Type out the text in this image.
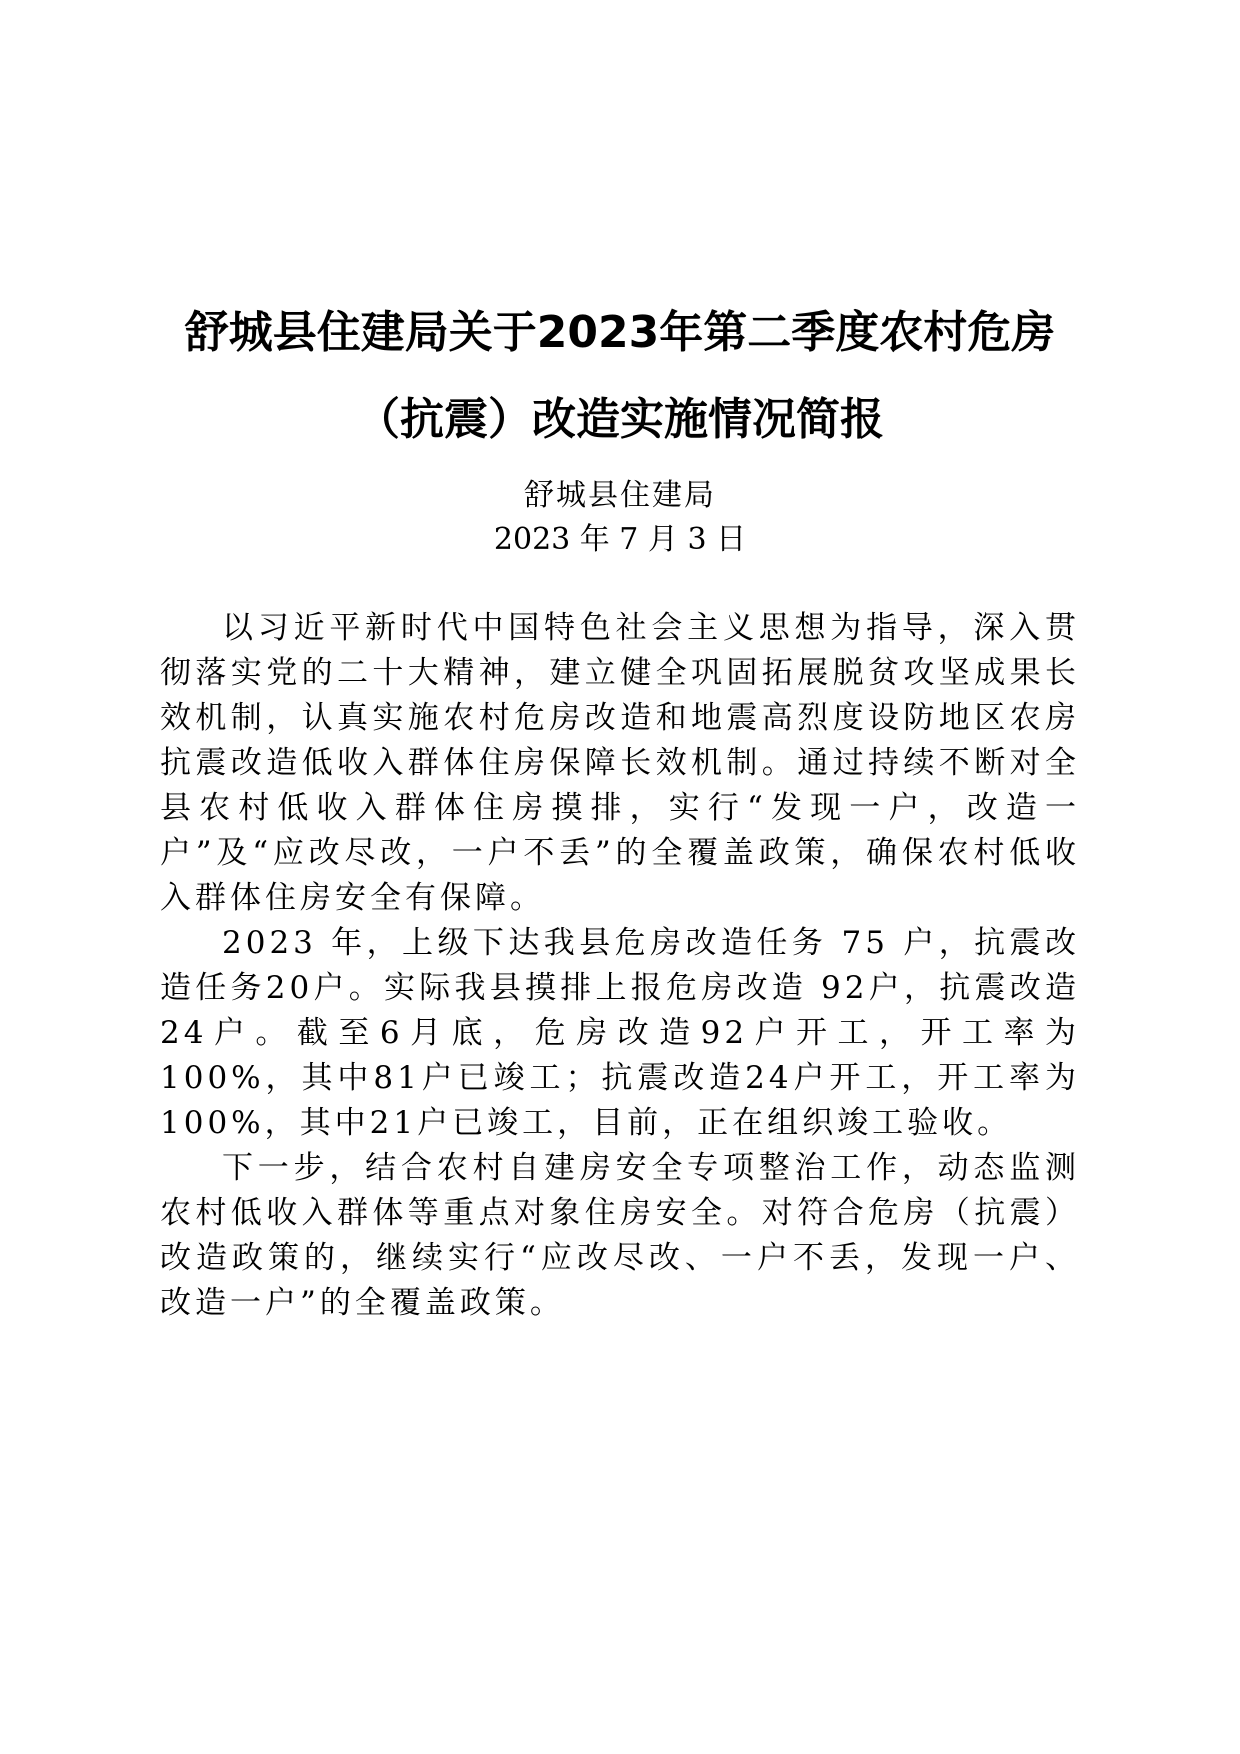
舒城县住建局关于2023年第二季度农村危房
（抗震）改造实施情况简报
舒城县住建局
2023 年 7 月 3 日

以习近平新时代中国特色社会主义思想为指导，深入贯彻落实党的二十大精神，建立健全巩固拓展脱贫攻坚成果长效机制，认真实施农村危房改造和地震高烈度设防地区农房抗震改造低收入群体住房保障长效机制。通过持续不断对全县农村低收入群体住房摸排，实行“发现一户，改造一户”及“应改尽改，一户不丢”的全覆盖政策，确保农村低收入群体住房安全有保障。

2023 年，上级下达我县危房改造任务 75 户，抗震改造任务20户。实际我县摸排上报危房改造 92户，抗震改造24户。截至6月底，危房改造92户开工，开工率为100%，其中81户已竣工；抗震改造24户开工，开工率为100%，其中21户已竣工，目前，正在组织竣工验收。

下一步，结合农村自建房安全专项整治工作，动态监测农村低收入群体等重点对象住房安全。对符合危房（抗震）改造政策的，继续实行“应改尽改、一户不丢，发现一户、改造一户”的全覆盖政策。
